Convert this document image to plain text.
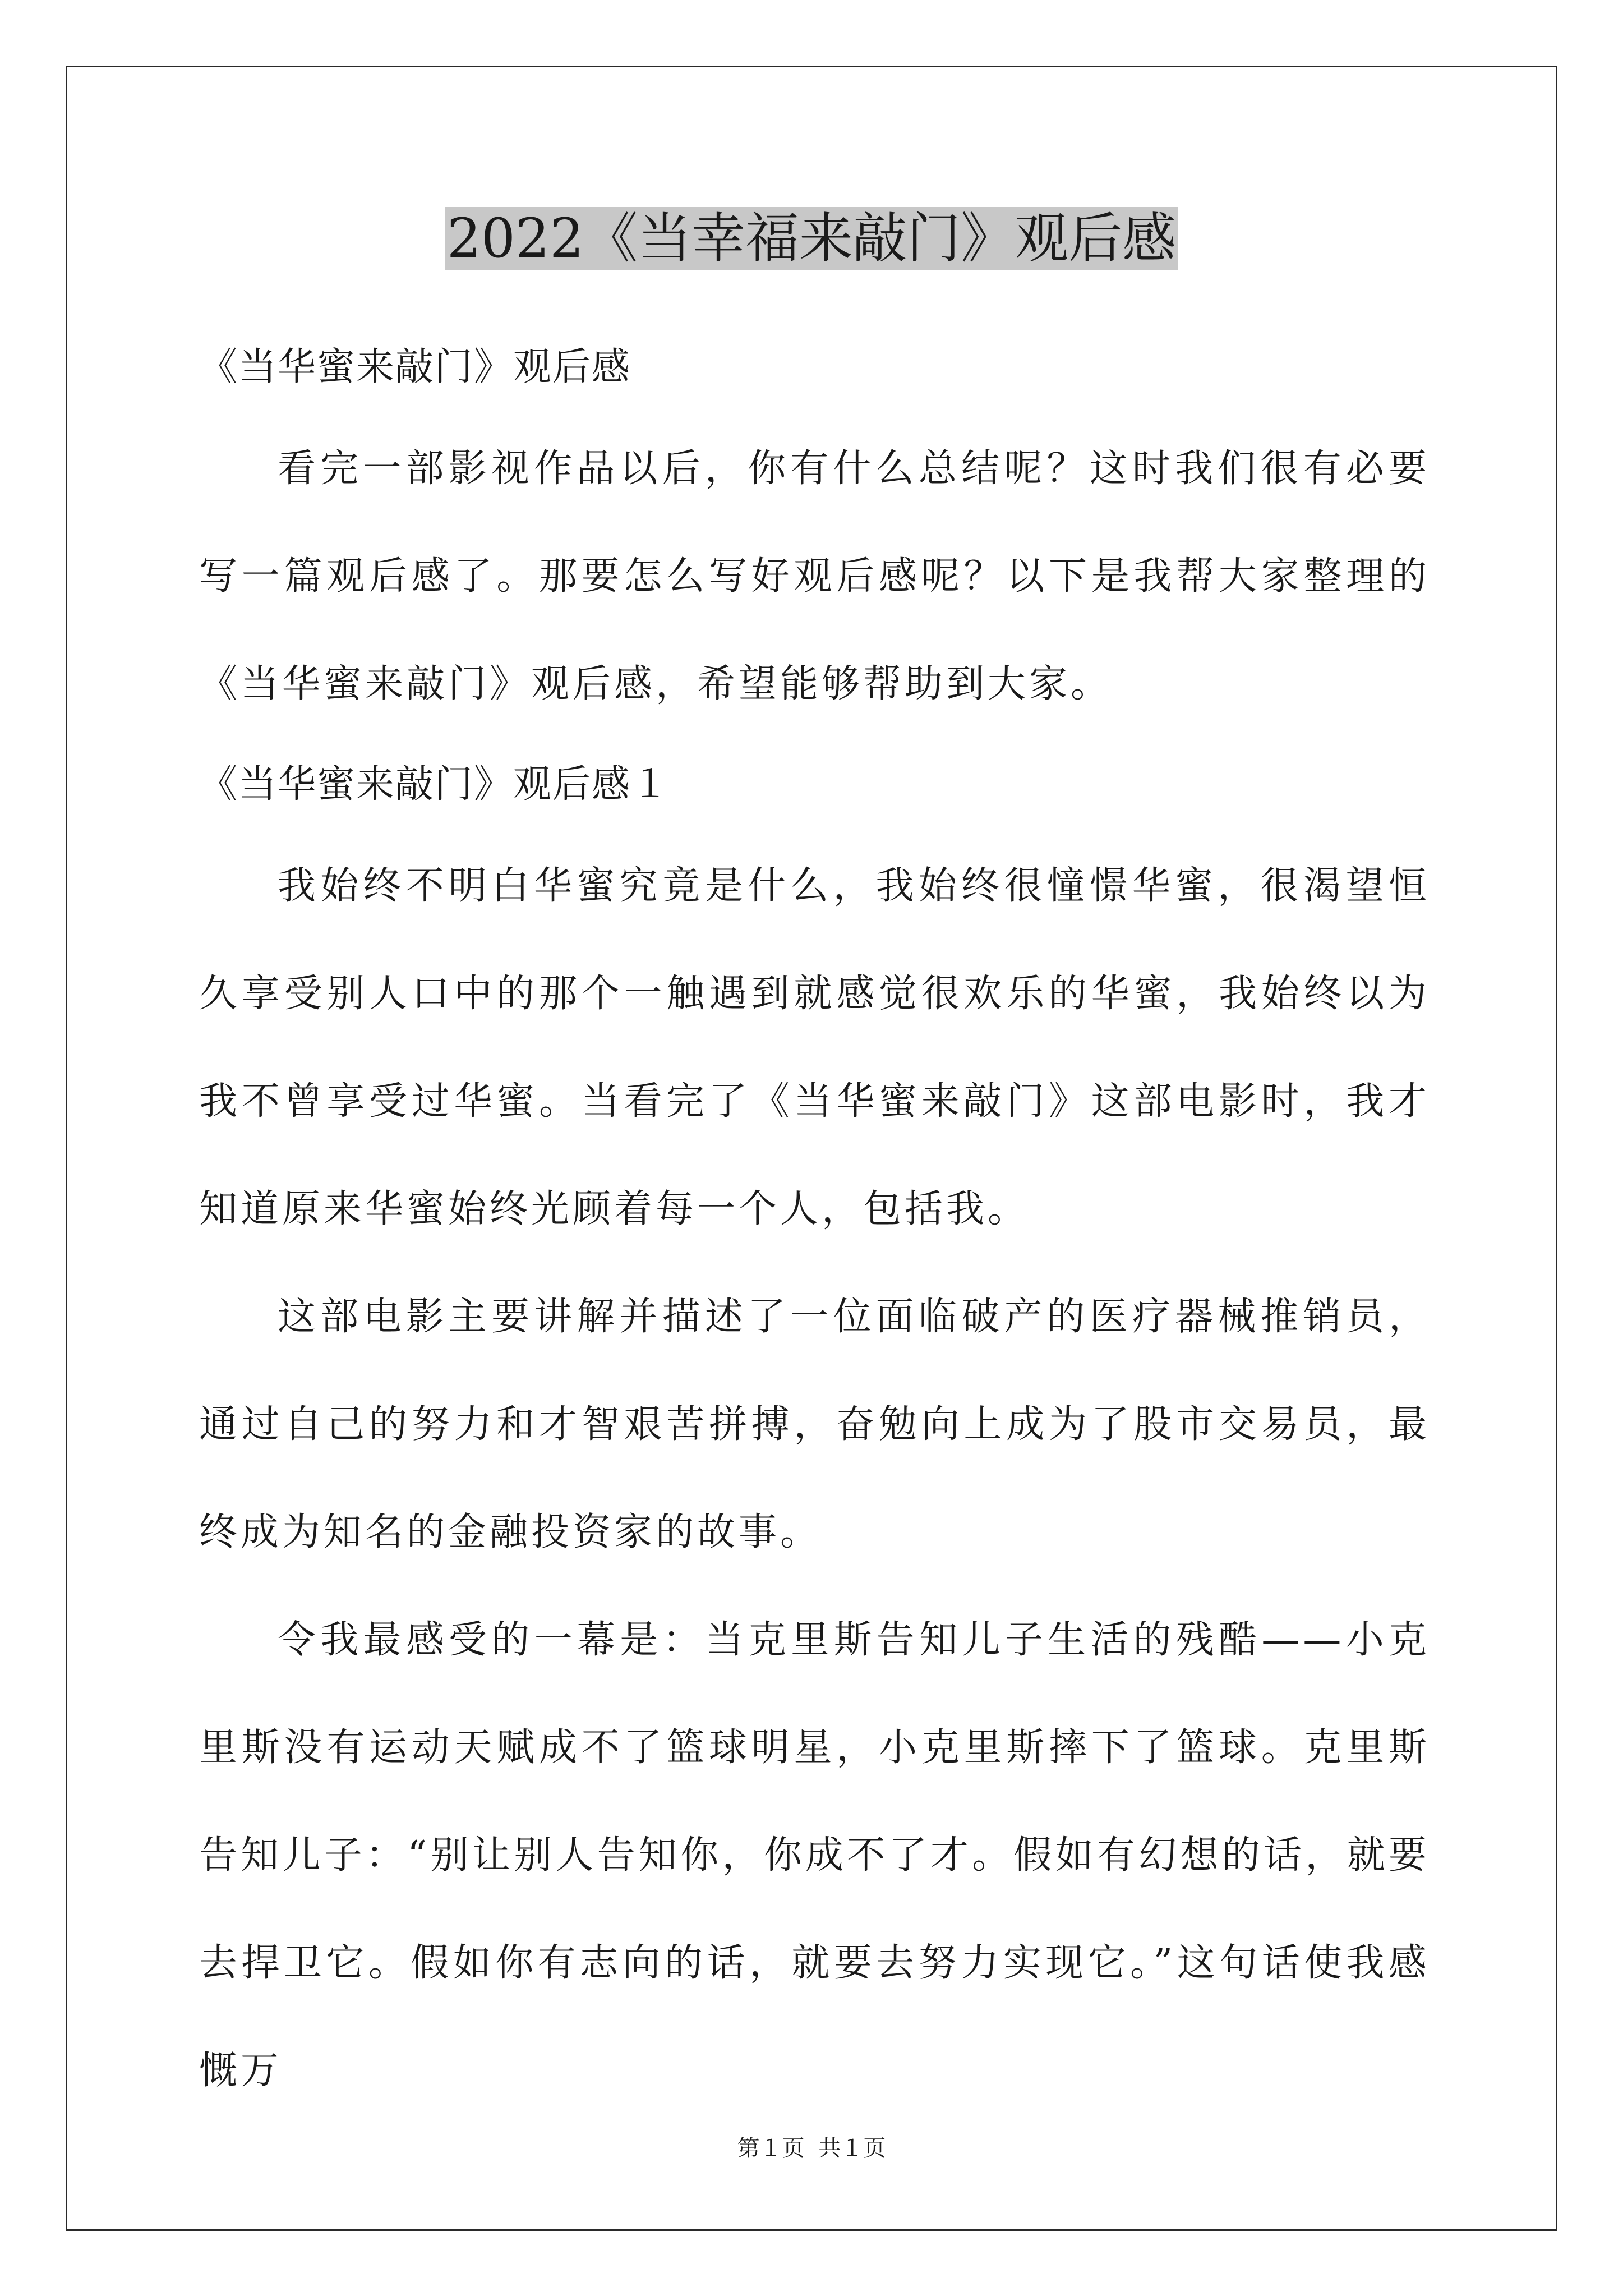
2022《当幸福来敲门》观后感

《当华蜜来敲门》观后感

看完一部影视作品以后，你有什么总结呢？这时我们很有必要写一篇观后感了。那要怎么写好观后感呢？以下是我帮大家整理的《当华蜜来敲门》观后感，希望能够帮助到大家。

《当华蜜来敲门》观后感１

我始终不明白华蜜究竟是什么，我始终很憧憬华蜜，很渴望恒久享受别人口中的那个一触遇到就感觉很欢乐的华蜜，我始终以为我不曾享受过华蜜。当看完了《当华蜜来敲门》这部电影时，我才知道原来华蜜始终光顾着每一个人，包括我。

这部电影主要讲解并描述了一位面临破产的医疗器械推销员，通过自己的努力和才智艰苦拼搏，奋勉向上成为了股市交易员，最终成为知名的金融投资家的故事。

令我最感受的一幕是：当克里斯告知儿子生活的残酷——小克里斯没有运动天赋成不了篮球明星，小克里斯摔下了篮球。克里斯告知儿子：“别让别人告知你，你成不了才。假如有幻想的话，就要去捍卫它。假如你有志向的话，就要去努力实现它。”这句话使我感慨万

第１页 共１页
